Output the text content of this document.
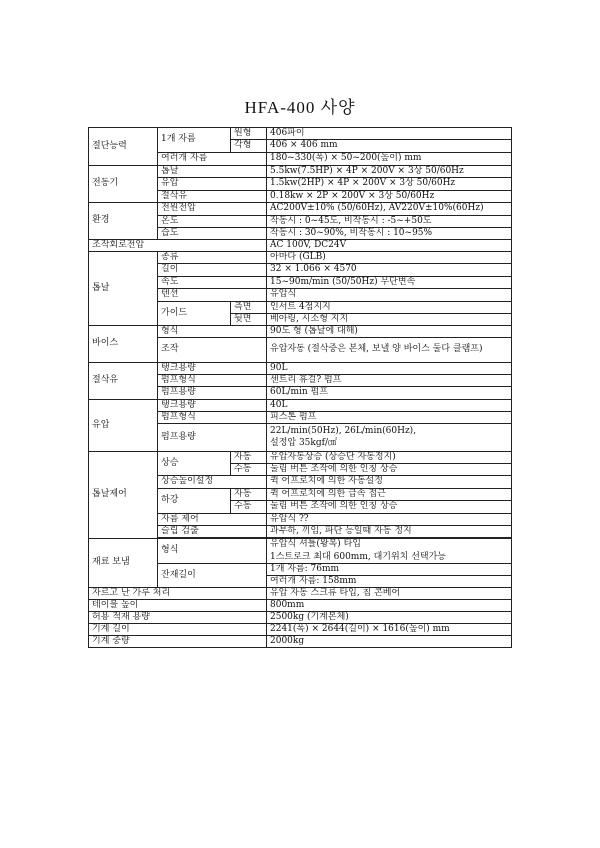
HFA-400 사양
절단능력	1개 자름	원형	406파이
		각형	406 × 406 mm
	여러개 자름		180~330(폭) × 50~200(높이) mm
전동기	톱날		5.5kw(7.5HP) × 4P × 200V × 3상 50/60Hz
	유압		1.5kw(2HP) × 4P × 200V × 3상 50/60Hz
	절삭유		0.18kw × 2P × 200V × 3상 50/60Hz
환경	전원전압		AC200V±10% (50/60Hz), AV220V±10%(60Hz)
	온도		작동시 : 0~45도, 비작동시 : -5~+50도
	습도		작동시 : 30~90%, 비작동시 : 10~95%
조작회로전압			AC 100V, DC24V
톱날	종류		아마다 (GLB)
	길이		32 × 1.066 × 4570
	속도		15~90m/min (50/50Hz) 무단변속
	텐션		유압식
	가이드	측면	인서트 4점지지
		뒷면	베아링, 시소형 지지
바이스	형식		90도 형 (톱날에 대해)
	조작		유압자동 (절삭중은 본체, 보낼 양 바이스 둘다 클램프)
절삭유	탱크용량		90L
	펌프형식		센트리 휴걸? 펌프
	펌프용량		60L/min 펌프
유압	탱크용량		40L
	펌프형식		피스톤 펌프
	펌프용량		22L/min(50Hz), 26L/min(60Hz),
설정압 35kgf/㎠

톱날제어	상승	자동	유압자동상승 (상승단 자동정지)
		수동	눌림 버튼 조작에 의한 인칭 상승
	상승높이설정		퀵 어프로치에 의한 자동설정
	하강	자동	퀵 어프로치에 의한 급속 접근
		수동	눌림 버튼 조작에 의한 인칭 상승
	자름 제어		유압식 ??
	슬립 검출		과부하, 끼임, 파단 등일때 자동 정지

재료 보냄	형식		유압식 셔틀(왕복) 타입
1스트로크 최대 600mm, 대기위치 선택가능

	잔재길이		1개 자름: 76mm
			여러개 자름: 158mm
자르고 난 가루 처리			유압 자동 스크류 타입, 칩 콘베어
테이블 높이			800mm
허용 적재 용량			2500kg (기계본체)
기계 길이			2241(폭) × 2644(길이) × 1616(높이) mm
기계 중량			2000kg
